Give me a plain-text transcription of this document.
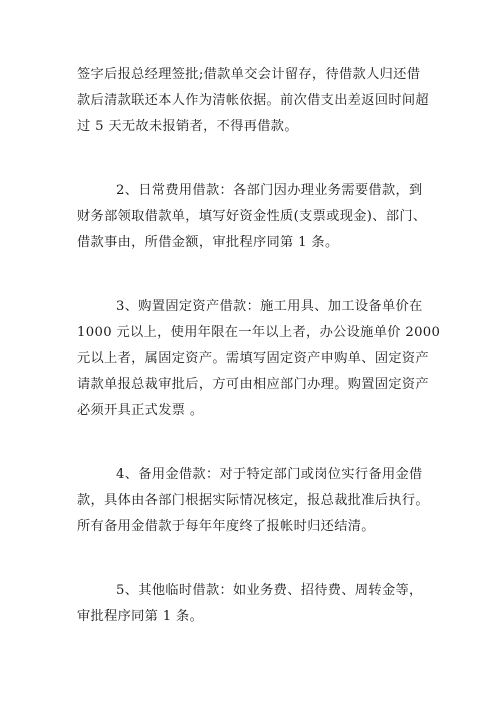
签字后报总经理签批;借款单交会计留存，待借款人归还借
款后清款联还本人作为清帐依据。前次借支出差返回时间超
过 5 天无故未报销者，不得再借款。
2、日常费用借款：各部门因办理业务需要借款，到
财务部领取借款单，填写好资金性质(支票或现金)、部门、
借款事由，所借金额，审批程序同第 1 条。
3、购置固定资产借款：施工用具、加工设备单价在
1000 元以上，使用年限在一年以上者，办公设施单价 2000
元以上者，属固定资产。需填写固定资产申购单、固定资产
请款单报总裁审批后，方可由相应部门办理。购置固定资产
必须开具正式发票 。
4、备用金借款：对于特定部门或岗位实行备用金借
款，具体由各部门根据实际情况核定，报总裁批准后执行。
所有备用金借款于每年年度终了报帐时归还结清。
5、其他临时借款：如业务费、招待费、周转金等，
审批程序同第 1 条。
